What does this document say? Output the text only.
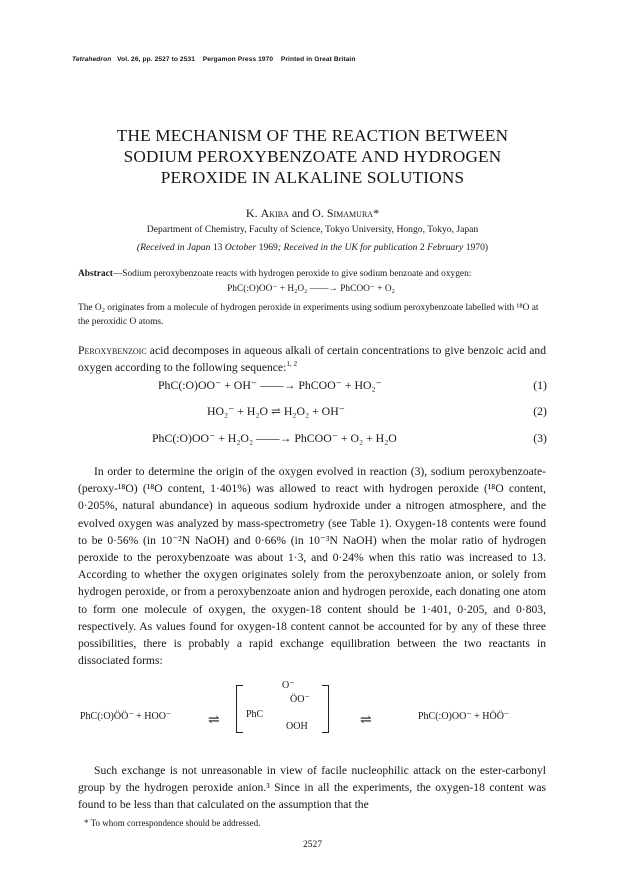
Tetrahedron Vol. 26, pp. 2527 to 2531    Pergamon Press 1970    Printed in Great Britain
THE MECHANISM OF THE REACTION BETWEEN
SODIUM PEROXYBENZOATE AND HYDROGEN
PEROXIDE IN ALKALINE SOLUTIONS
K. Akiba and O. Simamura*
Department of Chemistry, Faculty of Science, Tokyo University, Hongo, Tokyo, Japan
(Received in Japan 13 October 1969; Received in the UK for publication 2 February 1970)
Abstract—Sodium peroxybenzoate reacts with hydrogen peroxide to give sodium benzoate and oxygen:
PhC(:O)OO⁻ + H₂O₂ ——→ PhCOO⁻ + O₂
The O₂ originates from a molecule of hydrogen peroxide in experiments using sodium peroxybenzoate labelled with ¹⁸O at the peroxidic O atoms.
Peroxybenzoic acid decomposes in aqueous alkali of certain concentrations to give benzoic acid and oxygen according to the following sequence:$^{1, 2}$
PhC(:O)OO⁻ + OH⁻ ——→ PhCOO⁻ + HO₂⁻	(1)
HO₂⁻ + H₂O ⇌ H₂O₂ + OH⁻	(2)
PhC(:O)OO⁻ + H₂O₂ ——→ PhCOO⁻ + O₂ + H₂O	(3)
In order to determine the origin of the oxygen evolved in reaction (3), sodium peroxybenzoate-(peroxy-¹⁸O) (¹⁸O content, 1·401%) was allowed to react with hydrogen peroxide (¹⁸O content, 0·205%, natural abundance) in aqueous sodium hydroxide under a nitrogen atmosphere, and the evolved oxygen was analyzed by mass-spectrometry (see Table 1). Oxygen-18 contents were found to be 0·56% (in 10⁻²N NaOH) and 0·66% (in 10⁻³N NaOH) when the molar ratio of hydrogen peroxide to the peroxybenzoate was about 1·3, and 0·24% when this ratio was increased to 13. According to whether the oxygen originates solely from the peroxybenzoate anion, or solely from hydrogen peroxide, or from a peroxybenzoate anion and hydrogen peroxide, each donating one atom to form one molecule of oxygen, the oxygen-18 content should be 1·401, 0·205, and 0·803, respectively. As values found for oxygen-18 content cannot be accounted for by any of these three possibilities, there is probably a rapid exchange equilibration between the two reactants in dissociated forms:
PhC(:O)ÖÖ⁻ + HOO⁻	⇌
O⁻
ÖO⁻
PhC
OOH	⇌	PhC(:O)OO⁻ + HÖÖ⁻
Such exchange is not unreasonable in view of facile nucleophilic attack on the ester-carbonyl group by the hydrogen peroxide anion.³ Since in all the experiments, the oxygen-18 content was found to be less than that calculated on the assumption that the
* To whom correspondence should be addressed.
2527
